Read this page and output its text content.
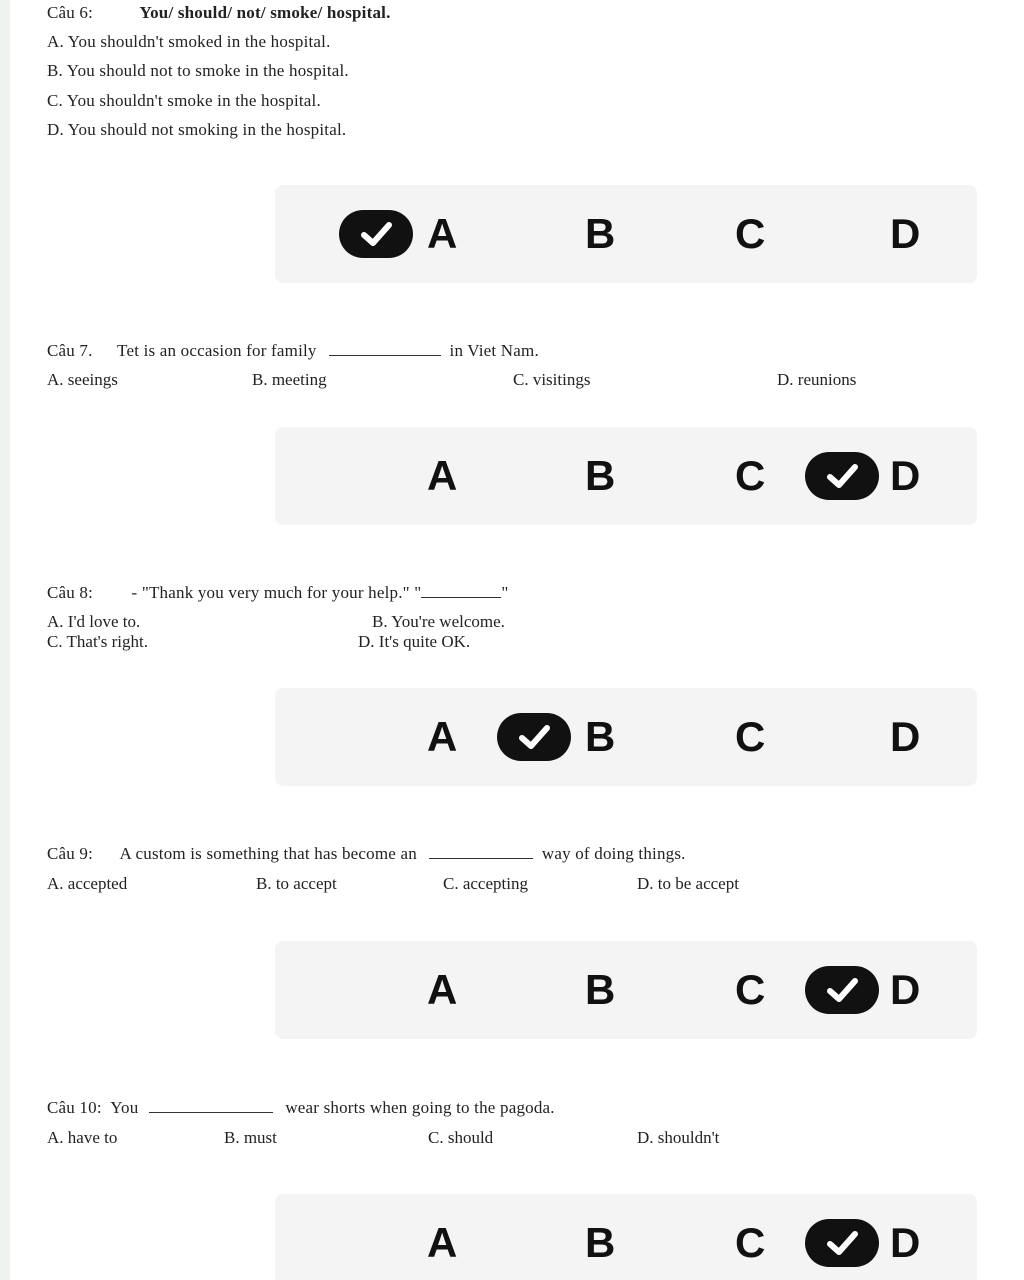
Câu 6:	You/ should/ not/ smoke/ hospital.
A. You shouldn't smoked in the hospital.
B. You should not to smoke in the hospital.
C. You shouldn't smoke in the hospital.
D. You should not smoking in the hospital.
A	B	C	D
Câu 7. Tet is an occasion for family	in Viet Nam.
A. seeings	B. meeting	C. visitings	D. reunions
A	B	C	D
Câu 8: - "Thank you very much for your help." "	"
A. I'd love to.	B. You're welcome.
C. That's right.	D. It's quite OK.
A	B	C	D
Câu 9: A custom is something that has become an	way of doing things.
A. accepted	B. to accept	C. accepting	D. to be accept
A	B	C	D
Câu 10: You	wear shorts when going to the pagoda.
A. have to	B. must	C. should	D. shouldn't
A	B	C	D
